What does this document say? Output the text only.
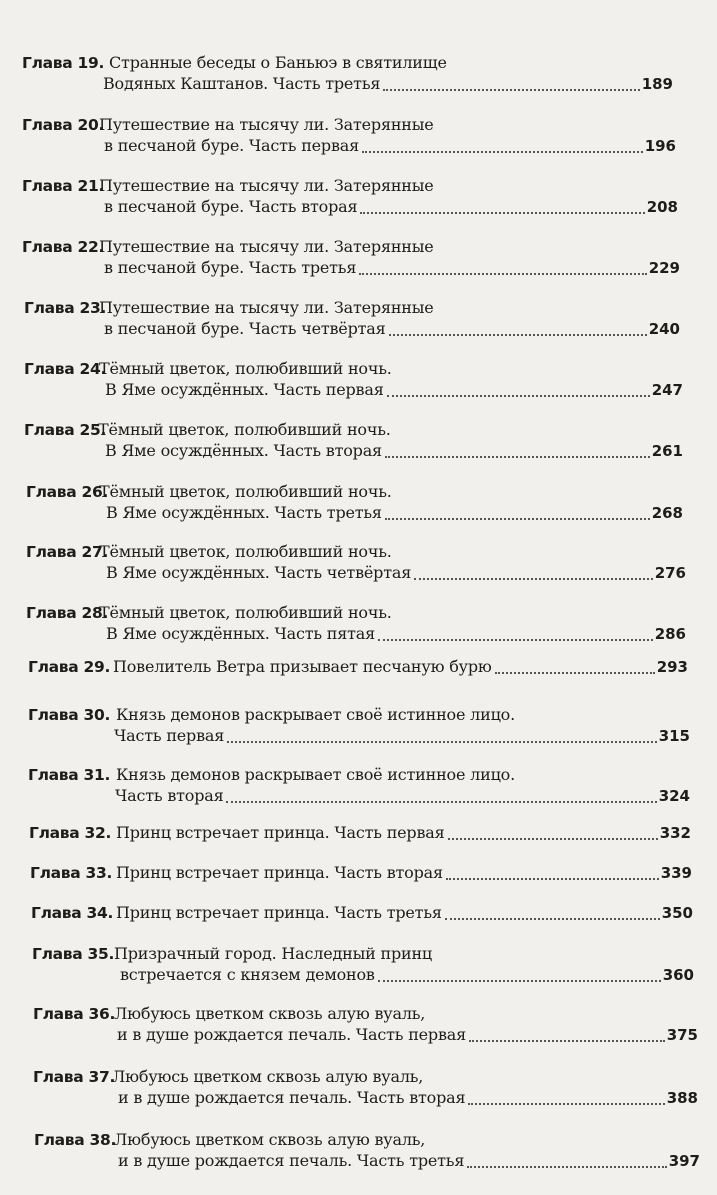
Глава 19. Странные беседы о Баньюэ в святилище
Водяных Каштанов. Часть третья	189
Глава 20.
Путешествие на тысячу ли. Затерянные
в песчаной буре. Часть первая	196
Глава 21.
Путешествие на тысячу ли. Затерянные
в песчаной буре. Часть вторая	208
Глава 22.
Путешествие на тысячу ли. Затерянные
в песчаной буре. Часть третья	229
Глава 23.
Путешествие на тысячу ли. Затерянные
в песчаной буре. Часть четвёртая	240
Глава 24.
Тёмный цветок, полюбивший ночь.
В Яме осуждённых. Часть первая	247
Глава 25.
Тёмный цветок, полюбивший ночь.
В Яме осуждённых. Часть вторая	261
Глава 26.
Тёмный цветок, полюбивший ночь.
В Яме осуждённых. Часть третья	268
Глава 27.
Тёмный цветок, полюбивший ночь.
В Яме осуждённых. Часть четвёртая	276
Глава 28.
Тёмный цветок, полюбивший ночь.
В Яме осуждённых. Часть пятая	286
Глава 29. Повелитель Ветра призывает песчаную бурю	293
Глава 30. Князь демонов раскрывает своё истинное лицо.
Часть первая	315
Глава 31. Князь демонов раскрывает своё истинное лицо.
Часть вторая	324
Глава 32. Принц встречает принца. Часть первая	332
Глава 33. Принц встречает принца. Часть вторая	339
Глава 34. Принц встречает принца. Часть третья	350
Глава 35. Призрачный город. Наследный принц
встречается с князем демонов	360
Глава 36.
Любуюсь цветком сквозь алую вуаль,
и в душе рождается печаль. Часть первая	375
Глава 37.
Любуюсь цветком сквозь алую вуаль,
и в душе рождается печаль. Часть вторая	388
Глава 38.
Любуюсь цветком сквозь алую вуаль,
и в душе рождается печаль. Часть третья	397
